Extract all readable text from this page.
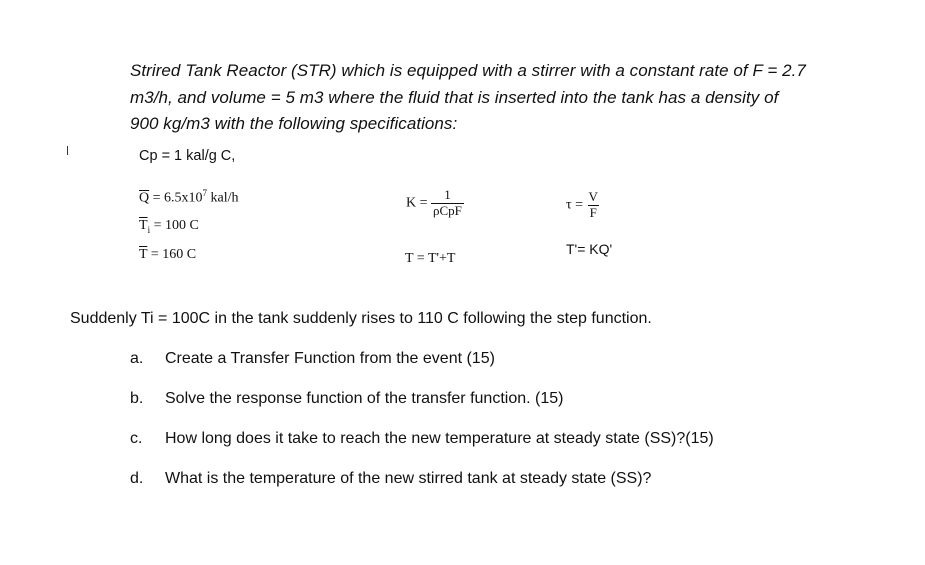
Strired Tank Reactor (STR) which is equipped with a stirrer with a constant rate of F = 2.7
m3/h, and volume = 5 m3 where the fluid that is inserted into the tank has a density of
900 kg/m3 with the following specifications:

Cp = 1 kal/g C,
$\overline{Q} = 6.5x10^7$ kal/h
$\overline{T}_i = 100$ C
$\overline{T} = 160$ C
$K = \frac{1}{\text{ρCpF}}$
T = T'+T
$\tau = \frac{V}{F}$
T'= KQ'

Suddenly Ti = 100C in the tank suddenly rises to 110 C following the step function.

a.	Create a Transfer Function from the event (15)
b.	Solve the response function of the transfer function. (15)
c.	How long does it take to reach the new temperature at steady state (SS)?(15)
d.	What is the temperature of the new stirred tank at steady state (SS)?
